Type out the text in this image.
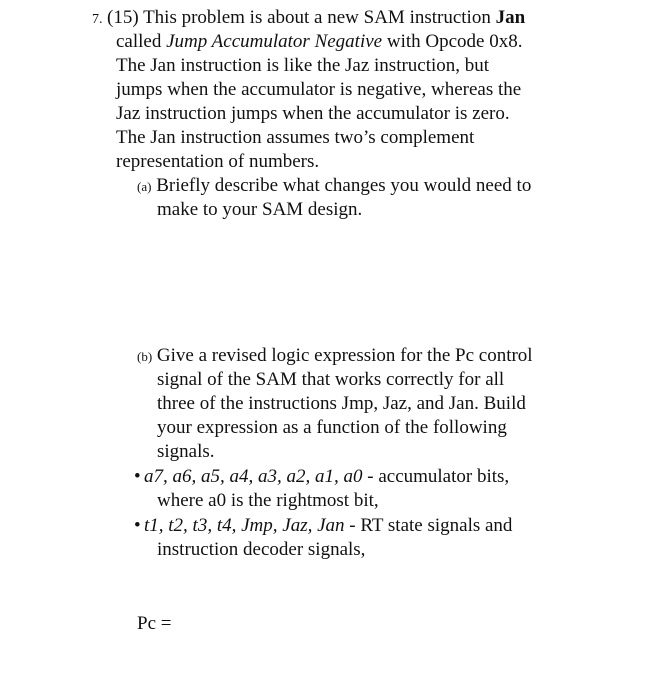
7. (15) This problem is about a new SAM instruction Jan
called Jump Accumulator Negative with Opcode 0x8.
The Jan instruction is like the Jaz instruction, but
jumps when the accumulator is negative, whereas the
Jaz instruction jumps when the accumulator is zero.
The Jan instruction assumes two’s complement
representation of numbers.
(a) Briefly describe what changes you would need to
make to your SAM design.
(b) Give a revised logic expression for the Pc control
signal of the SAM that works correctly for all
three of the instructions Jmp, Jaz, and Jan. Build
your expression as a function of the following
signals.
• a7, a6, a5, a4, a3, a2, a1, a0 - accumulator bits,
where a0 is the rightmost bit,
• t1, t2, t3, t4, Jmp, Jaz, Jan - RT state signals and
instruction decoder signals,
Pc =
